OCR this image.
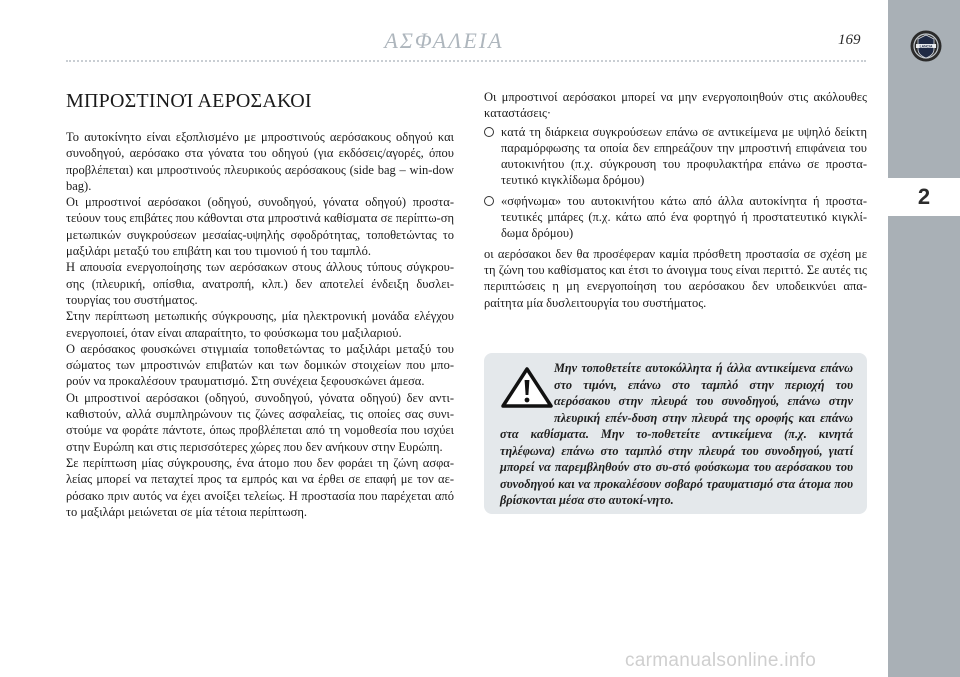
ΑΣΦΑΛΕΙΑ	169	LANCIA
2
ΜΠΡΟΣΤΙΝΟΊ ΑΕΡΟΣΑΚΟΙ

Το αυτοκίνητο είναι εξοπλισμένο με μπροστινούς αερόσακους οδηγού και συνοδηγού, αερόσακο στα γόνατα του οδηγού (για εκδόσεις/αγορές, όπου προβλέπεται) και μπροστινούς πλευρικούς αερόσακους (side bag – win-dow bag).

Οι μπροστινοί αερόσακοι (οδηγού, συνοδηγού, γόνατα οδηγού) προστα-τεύουν τους επιβάτες που κάθονται στα μπροστινά καθίσματα σε περίπτω-ση μετωπικών συγκρούσεων μεσαίας-υψηλής σφοδρότητας, τοποθετώντας το μαξιλάρι μεταξύ του επιβάτη και του τιμονιού ή του ταμπλό.

Η απουσία ενεργοποίησης των αερόσακων στους άλλους τύπους σύγκρου-σης (πλευρική, οπίσθια, ανατροπή, κλπ.) δεν αποτελεί ένδειξη δυσλει-τουργίας του συστήματος.

Στην περίπτωση μετωπικής σύγκρουσης, μία ηλεκτρονική μονάδα ελέγχου ενεργοποιεί, όταν είναι απαραίτητο, το φούσκωμα του μαξιλαριού.

Ο αερόσακος φουσκώνει στιγμιαία τοποθετώντας το μαξιλάρι μεταξύ του σώματος των μπροστινών επιβατών και των δομικών στοιχείων που μπο-ρούν να προκαλέσουν τραυματισμό. Στη συνέχεια ξεφουσκώνει άμεσα.

Οι μπροστινοί αερόσακοι (οδηγού, συνοδηγού, γόνατα οδηγού) δεν αντι-καθιστούν, αλλά συμπληρώνουν τις ζώνες ασφαλείας, τις οποίες σας συνι-στούμε να φοράτε πάντοτε, όπως προβλέπεται από τη νομοθεσία που ισχύει στην Ευρώπη και στις περισσότερες χώρες που δεν ανήκουν στην Ευρώπη.

Σε περίπτωση μίας σύγκρουσης, ένα άτομο που δεν φοράει τη ζώνη ασφα-λείας μπορεί να πεταχτεί προς τα εμπρός και να έρθει σε επαφή με τον αε-ρόσακο πριν αυτός να έχει ανοίξει τελείως. Η προστασία που παρέχεται από το μαξιλάρι μειώνεται σε μία τέτοια περίπτωση.

Οι μπροστινοί αερόσακοι μπορεί να μην ενεργοποιηθούν στις ακόλουθες καταστάσεις·

κατά τη διάρκεια συγκρούσεων επάνω σε αντικείμενα με υψηλό δείκτη παραμόρφωσης τα οποία δεν επηρεάζουν την μπροστινή επιφάνεια του αυτοκινήτου (π.χ. σύγκρουση του προφυλακτήρα επάνω σε προστα-τευτικό κιγκλίδωμα δρόμου)
«σφήνωμα» του αυτοκινήτου κάτω από άλλα αυτοκίνητα ή προστα-τευτικές μπάρες (π.χ. κάτω από ένα φορτηγό ή προστατευτικό κιγκλί-δωμα δρόμου)

οι αερόσακοι δεν θα προσέφεραν καμία πρόσθετη προστασία σε σχέση με τη ζώνη του καθίσματος και έτσι το άνοιγμα τους είναι περιττό. Σε αυτές τις περιπτώσεις η μη ενεργοποίηση του αερόσακου δεν υποδεικνύει απα-ραίτητα μία δυσλειτουργία του συστήματος.

Μην τοποθετείτε αυτοκόλλητα ή άλλα αντικείμενα επάνω στο τιμόνι, επάνω στο ταμπλό στην περιοχή του αερόσακου στην πλευρά του συνοδηγού, επάνω στην πλευρική επέν-δυση στην πλευρά της οροφής και επάνω στα καθίσματα. Μην το-ποθετείτε αντικείμενα (π.χ. κινητά τηλέφωνα) επάνω στο ταμπλό στην πλευρά του συνοδηγού, γιατί μπορεί να παρεμβληθούν στο συ-στό φούσκωμα του αερόσακου του συνοδηγού και να προκαλέσουν σοβαρό τραυματισμό στα άτομα που βρίσκονται μέσα στο αυτοκί-νητο.
carmanualsonline.info
